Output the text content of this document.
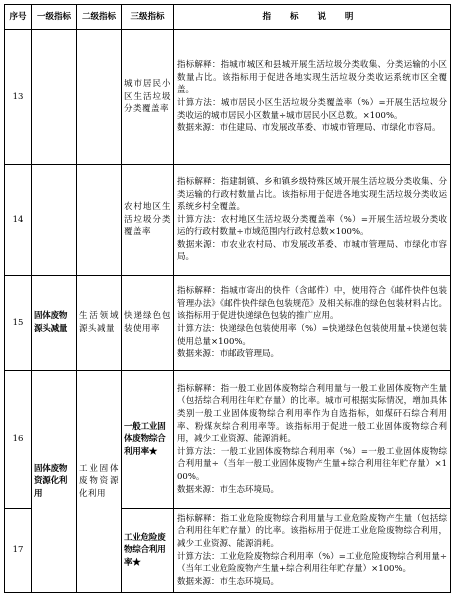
序号	一级指标	二级指标	三级指标	指 标 说 明
13			城市居民小区生活垃圾分类覆盖率	指标解释：指城市城区和县城开展生活垃圾分类收集、分类运输的小区数量占比。该指标用于促进各地实现生活垃圾分类收运系统市区全覆盖。
计算方法：城市居民小区生活垃圾分类覆盖率（%）=开展生活垃圾分类收运的城市居民小区数量÷城市居民小区总数。×100%。
数据来源：市住建局、市发展改革委、市城市管理局、市绿化市容局。

14			农村地区生活垃圾分类覆盖率	指标解释：指建制镇、乡和镇乡级特殊区域开展生活垃圾分类收集、分类运输的行政村数量占比。该指标用于促进各地实现生活垃圾分类收运系统乡村全覆盖。
计算方法：农村地区生活垃圾分类覆盖率（%）=开展生活垃圾分类收运的行政村数量÷市域范围内行政村总数×100%。
数据来源：市农业农村局、市发展改革委、市城市管理局、市绿化市容局。

15	固体废物源头减量	生活领域源头减量	快递绿色包装使用率	指标解释：指城市寄出的快件（含邮件）中，使用符合《邮件快件包装管理办法》《邮件快件绿色包装规范》及相关标准的绿色包装材料占比。该指标用于促进快递绿色包装的推广应用。
计算方法：快递绿色包装使用率（%）=快递绿色包装使用量÷快递包装使用总量×100%。
数据来源：市邮政管理局。

16	固体废物资源化利用	工业固体废物资源化利用	一般工业固体废物综合利用率★	指标解释：指一般工业固体废物综合利用量与一般工业固体废物产生量（包括综合利用往年贮存量）的比率。城市可根据实际情况，增加具体类别一般工业固体废物综合利用率作为自选指标，如煤矸石综合利用率、粉煤灰综合利用率等。该指标用于促进一般工业固体废物综合利用，减少工业资源、能源消耗。
计算方法：一般工业固体废物综合利用率（%）=一般工业固体废物综合利用量÷（当年一般工业固体废物产生量+综合利用往年贮存量）×100%。
数据来源：市生态环境局。

17			工业危险废物综合利用率★	指标解释：指工业危险废物综合利用量与工业危险废物产生量（包括综合利用往年贮存量）的比率。该指标用于促进工业危险废物综合利用，减少工业资源、能源消耗。
计算方法：工业危险废物综合利用率（%）=工业危险废物综合利用量÷（当年工业危险废物产生量+综合利用往年贮存量）×100%。
数据来源：市生态环境局。
